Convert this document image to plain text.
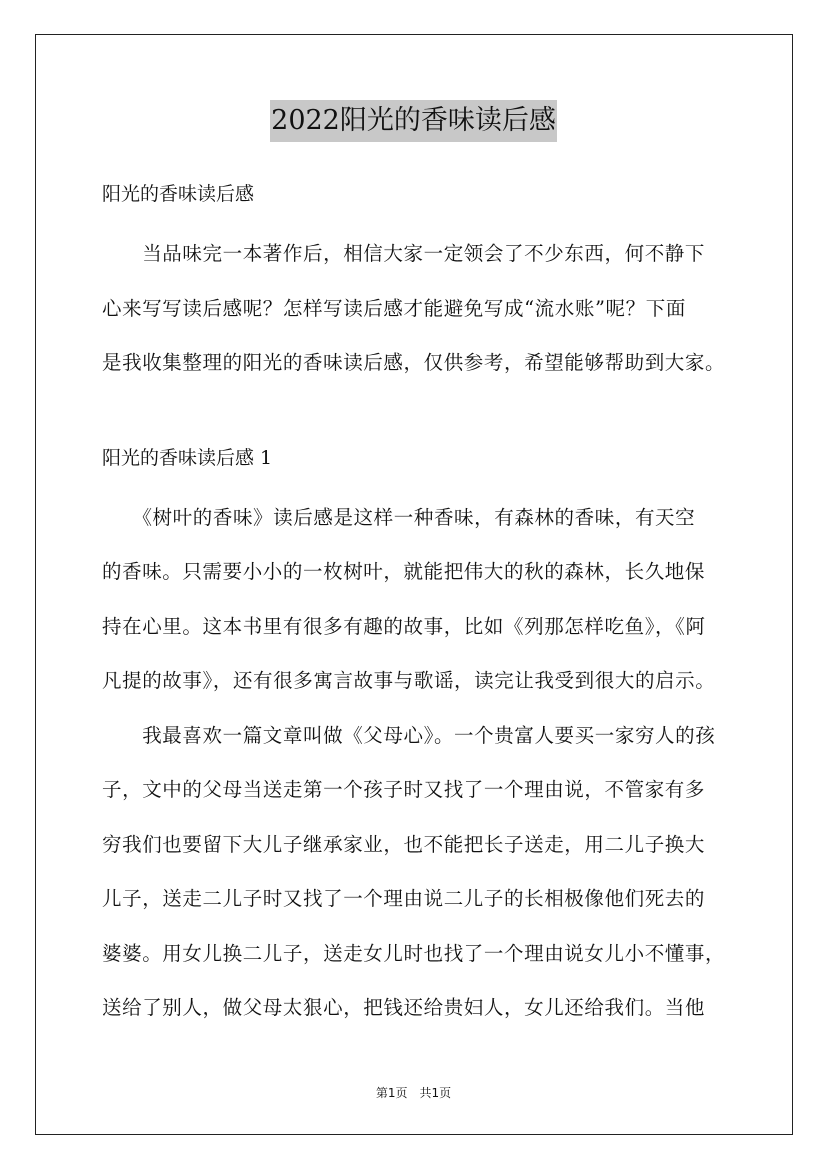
2022阳光的香味读后感
阳光的香味读后感
　　当品味完一本著作后，相信大家一定领会了不少东西，何不静下
心来写写读后感呢？怎样写读后感才能避免写成“流水账”呢？下面
是我收集整理的阳光的香味读后感，仅供参考，希望能够帮助到大家。
阳光的香味读后感 1
　　《树叶的香味》读后感是这样一种香味，有森林的香味，有天空
的香味。只需要小小的一枚树叶，就能把伟大的秋的森林，长久地保
持在心里。这本书里有很多有趣的故事，比如《列那怎样吃鱼》，《阿
凡提的故事》，还有很多寓言故事与歌谣，读完让我受到很大的启示。
　　我最喜欢一篇文章叫做《父母心》。一个贵富人要买一家穷人的孩
子，文中的父母当送走第一个孩子时又找了一个理由说，不管家有多
穷我们也要留下大儿子继承家业，也不能把长子送走，用二儿子换大
儿子，送走二儿子时又找了一个理由说二儿子的长相极像他们死去的
婆婆。用女儿换二儿子，送走女儿时也找了一个理由说女儿小不懂事，
送给了别人，做父母太狠心，把钱还给贵妇人，女儿还给我们。当他
第1页　共1页
